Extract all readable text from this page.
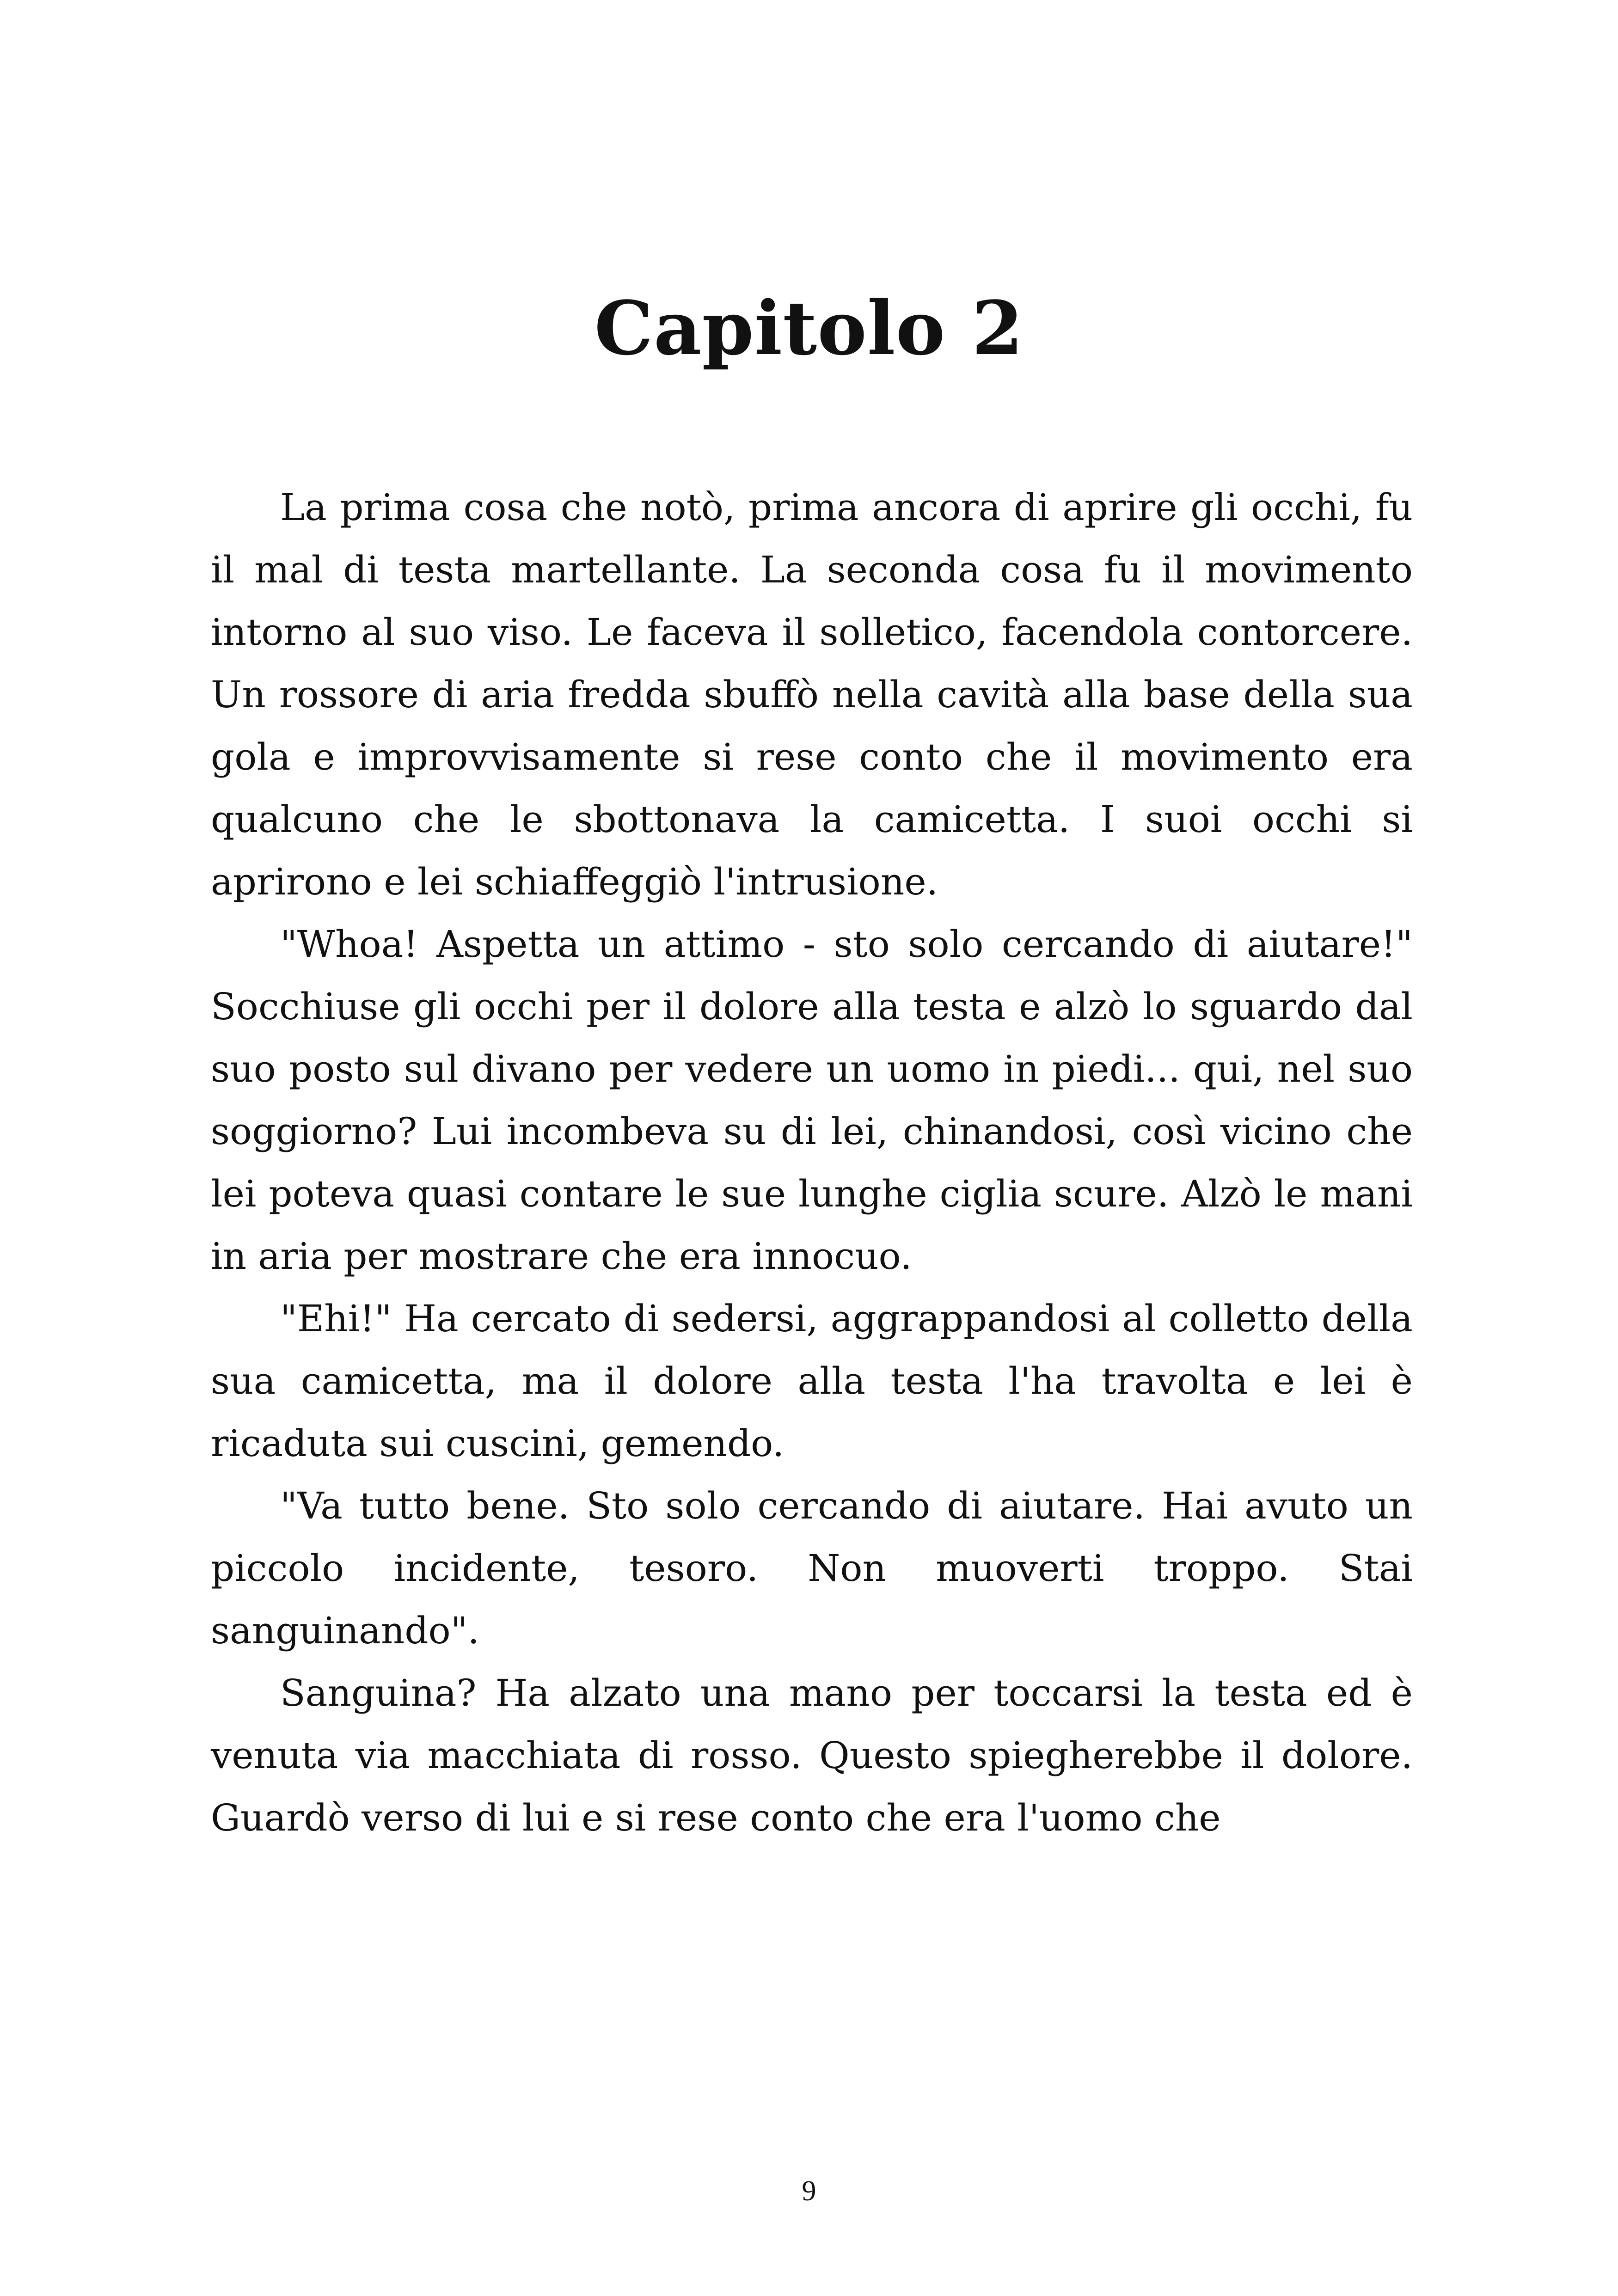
Capitolo 2

La prima cosa che notò, prima ancora di aprire gli occhi, fu il mal di testa martellante. La seconda cosa fu il movimento intorno al suo viso. Le faceva il solletico, facendola contorcere. Un rossore di aria fredda sbuffò nella cavità alla base della sua gola e improvvisamente si rese conto che il movimento era qualcuno che le sbottonava la camicetta. I suoi occhi si aprirono e lei schiaffeggiò l'intrusione.

"Whoa! Aspetta un attimo - sto solo cercando di aiutare!" Socchiuse gli occhi per il dolore alla testa e alzò lo sguardo dal suo posto sul divano per vedere un uomo in piedi... qui, nel suo soggiorno? Lui incombeva su di lei, chinandosi, così vicino che lei poteva quasi contare le sue lunghe ciglia scure. Alzò le mani in aria per mostrare che era innocuo.

"Ehi!" Ha cercato di sedersi, aggrappandosi al colletto della sua camicetta, ma il dolore alla testa l'ha travolta e lei è ricaduta sui cuscini, gemendo.

"Va tutto bene. Sto solo cercando di aiutare. Hai avuto un piccolo incidente, tesoro. Non muoverti troppo. Stai sanguinando".

Sanguina? Ha alzato una mano per toccarsi la testa ed è venuta via macchiata di rosso. Questo spiegherebbe il dolore. Guardò verso di lui e si rese conto che era l'uomo che

9
